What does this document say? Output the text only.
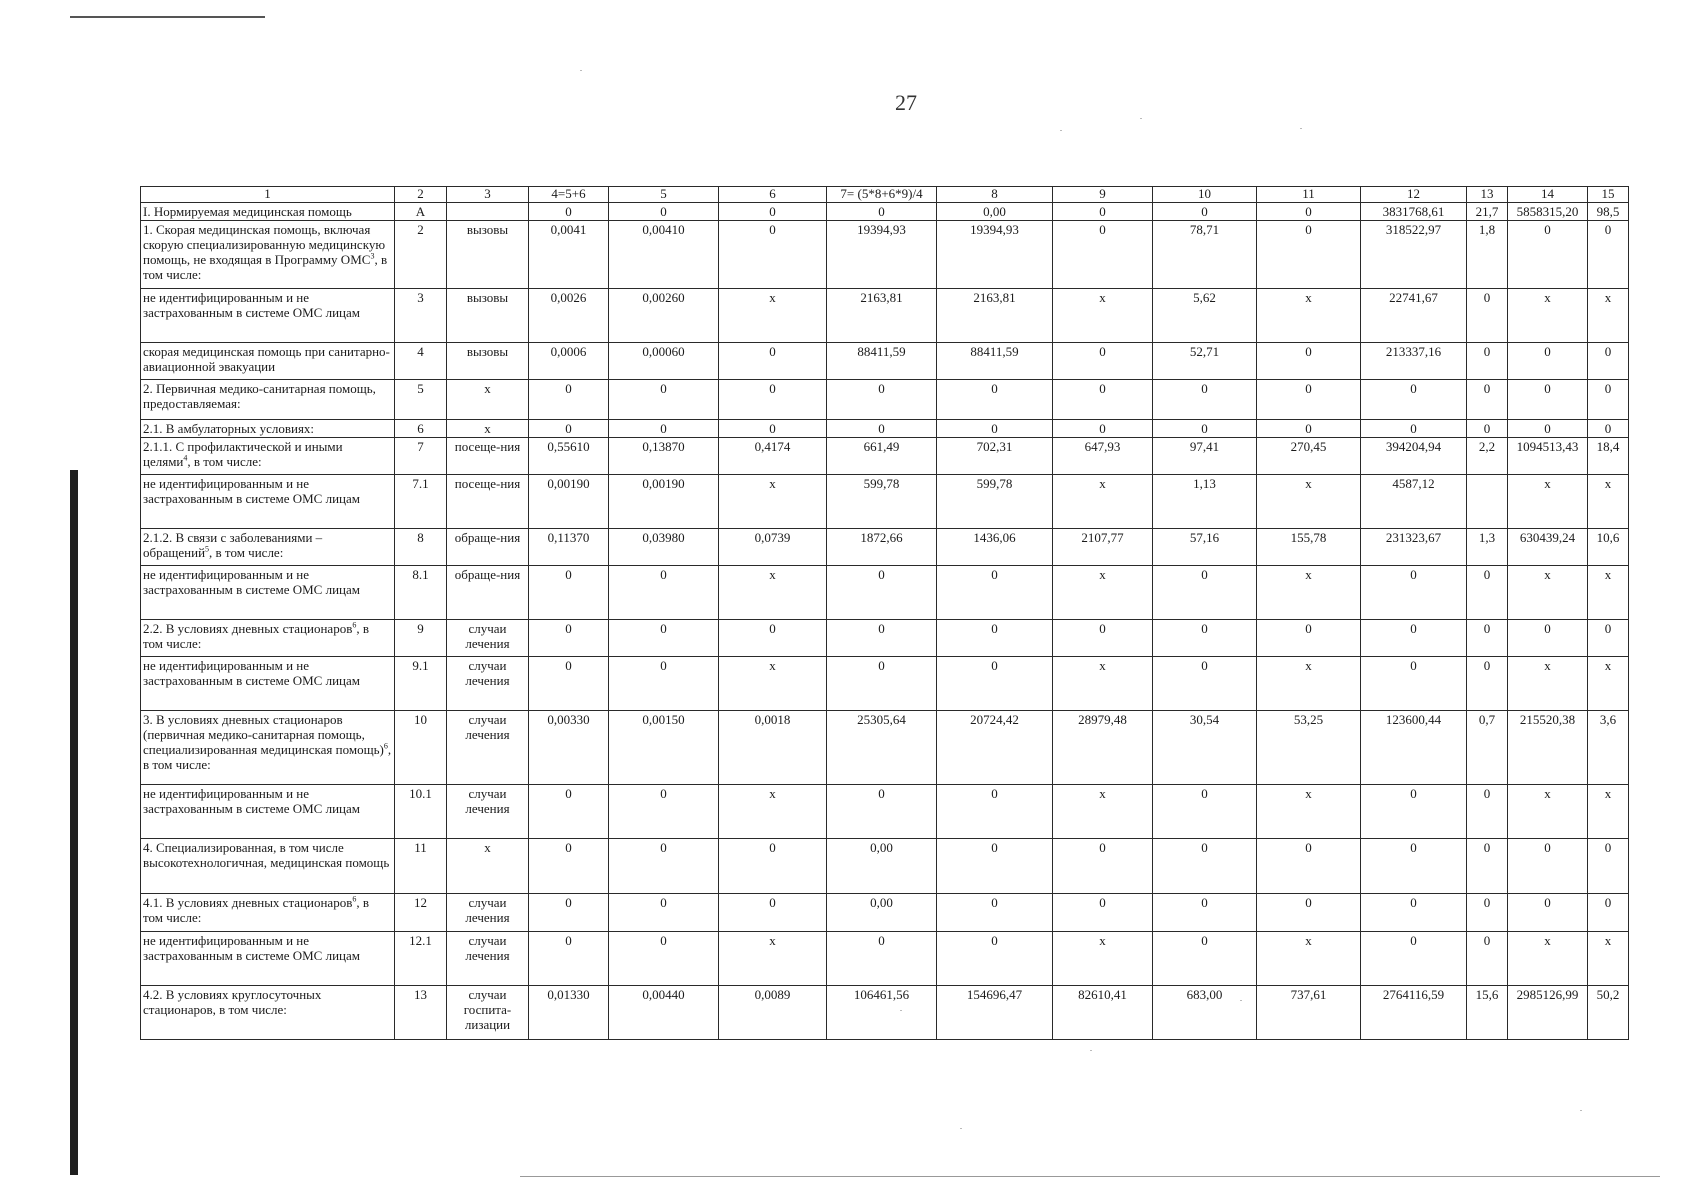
27
1	2	3	4=5+6	5	6	7= (5*8+6*9)/4	8	9	10	11	12	13	14	15
I. Нормируемая медицинская помощь	A		0	0	0	0	0,00	0	0	0	3831768,61	21,7	5858315,20	98,5
1. Скорая медицинская помощь, включая скорую специализированную медицинскую помощь, не входящая в Программу ОМС$^3$, в том числе:	2	вызовы	0,0041	0,00410	0	19394,93	19394,93	0	78,71	0	318522,97	1,8	0	0
не идентифицированным и не застрахованным в системе ОМС лицам	3	вызовы	0,0026	0,00260	x	2163,81	2163,81	x	5,62	x	22741,67	0	x	x
скорая медицинская помощь при санитарно-авиационной эвакуации	4	вызовы	0,0006	0,00060	0	88411,59	88411,59	0	52,71	0	213337,16	0	0	0
2. Первичная медико-санитарная помощь, предоставляемая:	5	x	0	0	0	0	0	0	0	0	0	0	0	0
2.1. В амбулаторных условиях:	6	x	0	0	0	0	0	0	0	0	0	0	0	0
2.1.1. С профилактической и иными целями$^4$, в том числе:	7	посеще-ния	0,55610	0,13870	0,4174	661,49	702,31	647,93	97,41	270,45	394204,94	2,2	1094513,43	18,4
не идентифицированным и не застрахованным в системе ОМС лицам	7.1	посеще-ния	0,00190	0,00190	x	599,78	599,78	x	1,13	x	4587,12		x	x
2.1.2. В связи с заболеваниями – обращений$^5$, в том числе:	8	обраще-ния	0,11370	0,03980	0,0739	1872,66	1436,06	2107,77	57,16	155,78	231323,67	1,3	630439,24	10,6
не идентифицированным и не застрахованным в системе ОМС лицам	8.1	обраще-ния	0	0	x	0	0	x	0	x	0	0	x	x
2.2. В условиях дневных стационаров$^6$, в том числе:	9	случаи лечения	0	0	0	0	0	0	0	0	0	0	0	0
не идентифицированным и не застрахованным в системе ОМС лицам	9.1	случаи лечения	0	0	x	0	0	x	0	x	0	0	x	x
3. В условиях дневных стационаров (первичная медико-санитарная помощь, специализированная медицинская помощь)$^6$, в том числе:	10	случаи лечения	0,00330	0,00150	0,0018	25305,64	20724,42	28979,48	30,54	53,25	123600,44	0,7	215520,38	3,6
не идентифицированным и не застрахованным в системе ОМС лицам	10.1	случаи лечения	0	0	x	0	0	x	0	x	0	0	x	x
4. Специализированная, в том числе высокотехнологичная, медицинская помощь	11	x	0	0	0	0,00	0	0	0	0	0	0	0	0
4.1. В условиях дневных стационаров$^6$, в том числе:	12	случаи лечения	0	0	0	0,00	0	0	0	0	0	0	0	0
не идентифицированным и не застрахованным в системе ОМС лицам	12.1	случаи лечения	0	0	x	0	0	x	0	x	0	0	x	x
4.2. В условиях круглосуточных стационаров, в том числе:	13	случаи госпита-лизации	0,01330	0,00440	0,0089	106461,56	154696,47	82610,41	683,00	737,61	2764116,59	15,6	2985126,99	50,2
